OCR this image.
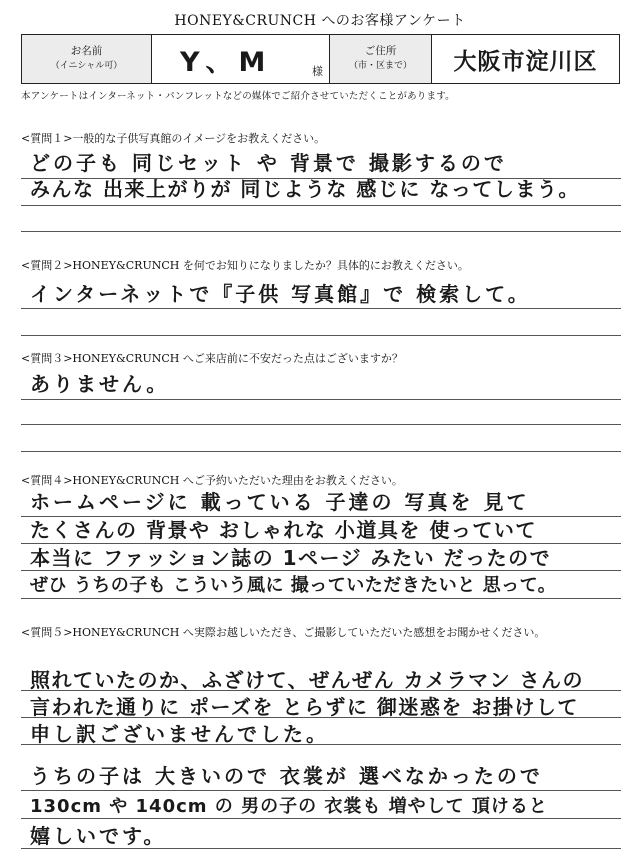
HONEY&CRUNCH へのお客様アンケート
お名前
（イニシャル可）	Y、M	様

ご住所
（市・区まで）	大阪市淀川区
本アンケートはインターネット・パンフレットなどの媒体でご紹介させていただくことがあります。
<質問１>一般的な子供写真館のイメージをお教えください。
どの子も 同じセット や 背景で 撮影するので
みんな 出来上がりが 同じような 感じに なってしまう。
<質問２>HONEY&CRUNCH を何でお知りになりましたか？具体的にお教えください。
インターネットで『子供 写真館』で 検索して。
<質問３>HONEY&CRUNCH へご来店前に不安だった点はございますか？
ありません。
<質問４>HONEY&CRUNCH へご予約いただいた理由をお教えください。
ホームページに 載っている 子達の 写真を 見て
たくさんの 背景や おしゃれな 小道具を 使っていて
本当に ファッション誌の 1ページ みたい だったので
ぜひ うちの子も こういう風に 撮っていただきたいと 思って。
<質問５>HONEY&CRUNCH へ実際お越しいただき、ご撮影していただいた感想をお聞かせください。
照れていたのか、ふざけて、ぜんぜん カメラマン さんの
言われた通りに ポーズを とらずに 御迷惑を お掛けして
申し訳ございませんでした。
うちの子は 大きいので 衣裳が 選べなかったので
130cm や 140cm の 男の子の 衣裳も 増やして 頂けると
嬉しいです。
